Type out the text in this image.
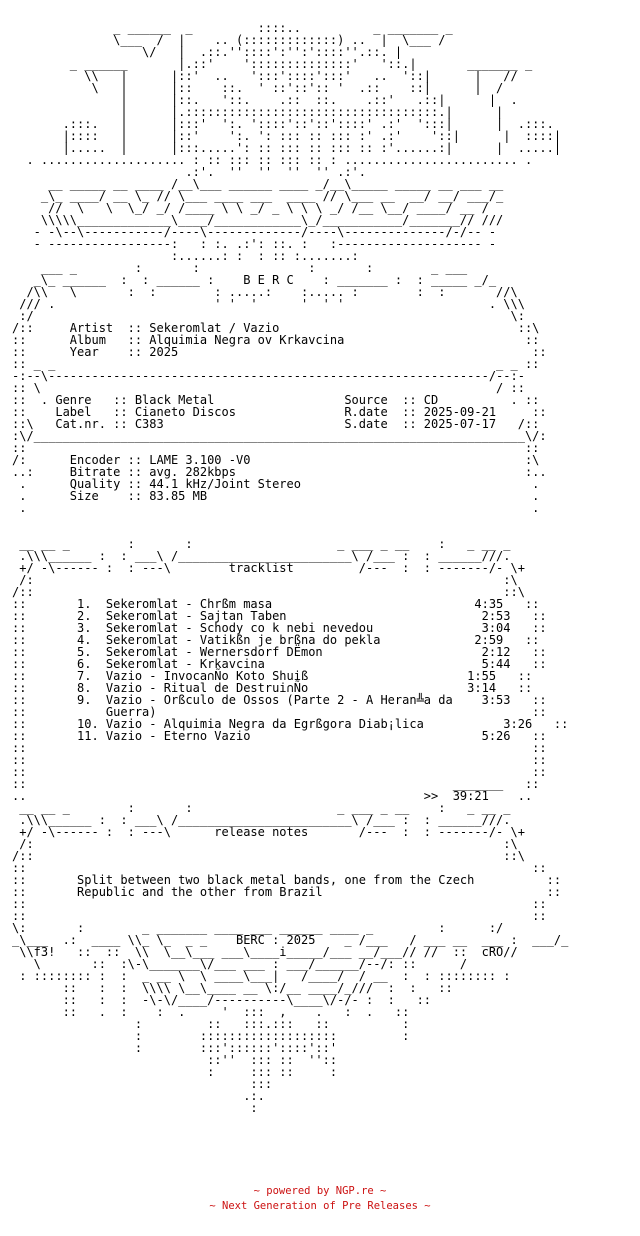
_ ______  _         ::::..          _ _______ _
\___  /  |    .. (:::::::::::::) ..  |  \___ /
\/   |  .::.''::::':'':'::::''.::. |
_ ______       |.::'    '::::::::::::::'   '::.|       _______ _
\\   |      |::'  ..   ':::'::::':::'   ..  '::|      |   //
\   |      |::    ::.  ' ::'::':: '  .::    ::|      |  /
|      |::.   '::.    .::  ::.    .::'   .::|      |  .
|      |.:::::::::::::::::::::::::::::::::::.|      |
.:::.   |      |:::'  ':. '::::'::'::'::::' .:'  ':::|      |  .:::.
|::::   |      |::'    ':. ': ::: :: ::: :' .:'    '::|      |  ::::|
|.....  |      |:::.....': :: ::: :: ::: :: :'......:|      |  .....|
. .................... : :: ::: :: ::: :: : ........................ .
.:'.  ''  ''  ''  '' .:'.
__ _____ __ ____ /__\___ ______ ____ _/__\_____ _____ __ ___ __
_\_ ____/ __ \_ // \___ ____ ___  ____ // \___ __  __/ __/ ___/_
//  \   \  \_/ _/ /____ \ \ _/ _ \ \ \ _/ /__ \__/ ____/ __ /
\\\\\_____________\____/____________\_/___________/_______// ///
- -\--\-----------/----\-------------/----\--------------/-/-- -
- -----------------:   : :. .:': ::. :   :-------------------- -
:......: :  : :: :.......:
___ _        :       :               :       :        _ ___
_\_ ______  :  : ______ :    B E R C    : _______ :  : _____ _/_
/\\   \       :  :        : .....:    :..... :        :  :       //\
/// .                      ' '  '      '  ' '                    . \\\
:/                                                                  \:
/::     Artist  :: Sekeromlat / Vazio                                 ::\
::      Album   :: Alquimia Negra ov Krkavcina                         ::
::      Year    :: 2025                                                 ::
:: _ _                                                             _ _ ::
-:--\-------------------------------------------------------------/--:-
:: \                                                               / ::
::  . Genre   :: Black Metal                  Source  :: CD          . ::
::    Label   :: Cianeto Discos               R.date  :: 2025-09-21     ::
::\   Cat.nr. :: C383                         S.date  :: 2025-07-17   /::
:\/____________________________________________________________________\/:
::                                                                     ::
/:      Encoder :: LAME 3.100 -V0                                      :\
..:     Bitrate :: avg. 282kbps                                        :..
.      Quality :: 44.1 kHz/Joint Stereo                                .
.      Size    :: 83.85 MB                                             .
.                                                                      .

__ __ _        :       :                    _ ___ _ __    :   _ __ _
.\\\______ :  : ___\ /________________________\ /___ :  : ______///.
+/ -\------ :  : ---\        tracklist         /---  :  : -------/- \+
/:                                                                 :\
/::                                                                 ::\
::       1.  Sekeromlat - Chrßm masa                            4:35   ::
::       2.  Sekeromlat - Sajtan Taben                           2:53   ::
::       3.  Sekeromlat - Schody co k nebi nevedou               3:04   ::
::       4.  Sekeromlat - Vatikßn je brßna do pekla             2:59   ::
::       5.  Sekeromlat - Wernersdorf DËmon                      2:12   ::
::       6.  Sekeromlat - Krkavcina                              5:44   ::
::       7.  Vazio - Invoca∩Ño Koto Shuiß                      1:55   ::
::       8.  Vazio - Ritual de Destrui∩Ño                      3:14   ::
::       9.  Vazio - Orßculo de Ossos (Parte 2 - A Heran╩a da    3:53   ::
::           Guerra)                                                    ::
::       10. Vazio - Alquimia Negra da Egrßgora Diab¡lica           3:26   ::
::       11. Vazio - Eterno Vazio                                5:26   ::
::                                                                      ::
::                                                                      ::
::                                                                      ::
::                                                           _______   ::
..                                                       >>  39:21    ..
__ __ _        :       :                    _ ___ _ __    :   _ __ _
.\\\______ :  : ___\ /________________________\ /___ :  : ______///.
+/ -\------ :  : ---\      release notes       /---  :  : -------/- \+
/:                                                                 :\
/::                                                                 ::\
::                                                                      ::
::       Split between two black metal bands, one from the Czech          ::
::       Republic and the other from Brazil                               ::
::                                                                      ::
::                                                                      ::
\:       :        _ _______ ____ ___ ______ ____ _         :      :/
_\___  .:  ____ \\_ \_  _ _    BERC : 2025    _ /___   / ___ __  ___ :  ___/_
\\f3!   ::  ::  \\  \__\___ ___\____i_____/___ __/___// //  ::  cRO//
\       ::  :\-\_______\/___ ___ : ___/______/--/: ::      /
: :::::::: :  :  _ __ \  \ ____\___|   /____/  / __  :  : :::::::: :
::   :  :  \\\\ \__\____ __ \:/__ ____/_///  :  :   ::
::   :  :  -\-\/____/----------\____\/-/- :  :   ::
::   .  :    :  .     '  :::  ,    .   :  .   ::
:         ::   :::.:::   ::          :
:        :::::::::::::::::::         :
:        :::'::::::'::::'::'
::''  ::: ::  ''::
:     ::: ::     :
:::
.:.
:
~ powered by NGP.re ~
~ Next Generation of Pre Releases ~
